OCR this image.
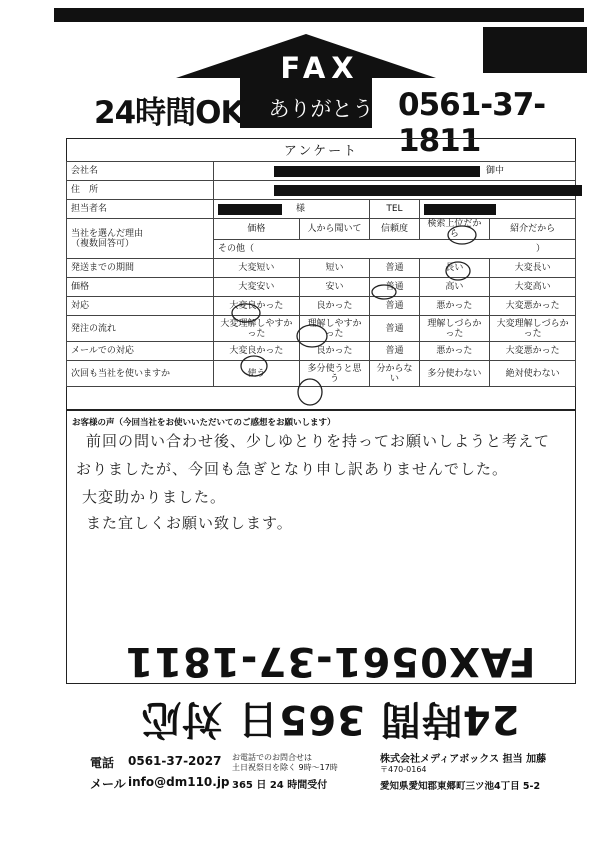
FAX
ありがとう
24時間OK	0561-37-1811
アンケート
会社名	御中				

住　所					

担当者名	様		TEL		

当社を選んだ理由
（複数回答可）	価格	人から聞いて	信頼度	検索上位だから	紹介だから
	その他（ ）				

発送までの期間	大変短い	短い	普通	長い	大変長い
価格	大変安い	安い	普通	高い	大変高い
対応	大変良かった	良かった	普通	悪かった	大変悪かった
発注の流れ	大変理解しやすかった	理解しやすかった	普通	理解しづらかった	大変理解しづらかった
メールでの対応	大変良かった	良かった	普通	悪かった	大変悪かった
次回も当社を使いますか	使う	多分使うと思う	分からない	多分使わない	絶対使わない
お客様の声（今回当社をお使いいただいてのご感想をお願いします）
前回の問い合わせ後、少しゆとりを持ってお願いしようと考えて
おりましたが、今回も急ぎとなり申し訳ありませんでした。
大変助かりました。
また宜しくお願い致します。
24時間 365日 対応 FAX0561-37-1811
電話 0561-37-2027
メール info@dm110.jp
お電話でのお問合せは
土日祝祭日を除く 9時～17時
365 日 24 時間受付
株式会社メディアボックス 担当 加藤
〒470-0164
愛知県愛知郡東郷町三ツ池4丁目 5-2
